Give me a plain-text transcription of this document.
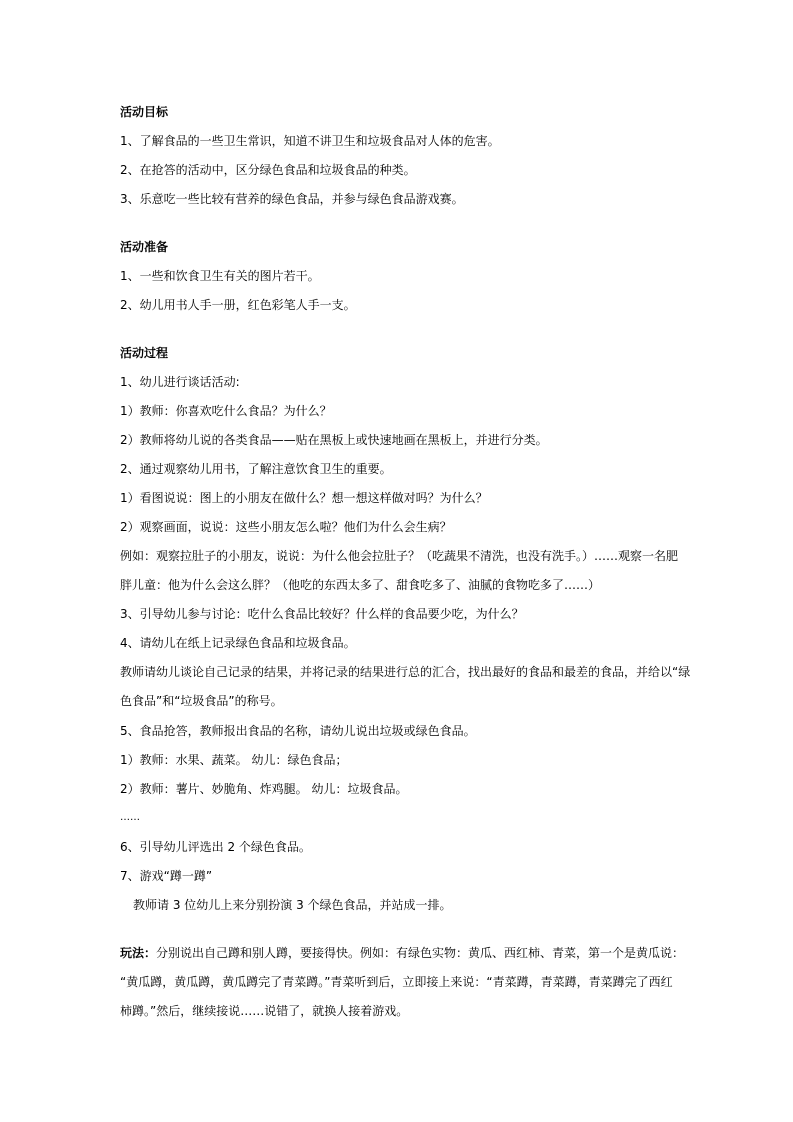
活动目标
1、了解食品的一些卫生常识，知道不讲卫生和垃圾食品对人体的危害。
2、在抢答的活动中，区分绿色食品和垃圾食品的种类。
3、乐意吃一些比较有营养的绿色食品，并参与绿色食品游戏赛。
活动准备
1、一些和饮食卫生有关的图片若干。
2、幼儿用书人手一册，红色彩笔人手一支。
活动过程
1、幼儿进行谈话活动:
1）教师：你喜欢吃什么食品？为什么？
2）教师将幼儿说的各类食品——贴在黑板上或快速地画在黑板上，并进行分类。
2、通过观察幼儿用书，了解注意饮食卫生的重要。
1）看图说说：图上的小朋友在做什么？想一想这样做对吗？为什么？
2）观察画面，说说：这些小朋友怎么啦？他们为什么会生病？
例如：观察拉肚子的小朋友，说说：为什么他会拉肚子？（吃蔬果不清洗，也没有洗手。）……观察一名肥
胖儿童：他为什么会这么胖？（他吃的东西太多了、甜食吃多了、油腻的食物吃多了……）
3、引导幼儿参与讨论：吃什么食品比较好？什么样的食品要少吃，为什么？
4、请幼儿在纸上记录绿色食品和垃圾食品。
教师请幼儿谈论自己记录的结果，并将记录的结果进行总的汇合，找出最好的食品和最差的食品，并给以“绿
色食品”和“垃圾食品”的称号。
5、食品抢答，教师报出食品的名称，请幼儿说出垃圾或绿色食品。
1）教师：水果、蔬菜。 幼儿：绿色食品；
2）教师：薯片、妙脆角、炸鸡腿。 幼儿：垃圾食品。
……
6、引导幼儿评选出 2 个绿色食品。
7、游戏“蹲一蹲”
教师请 3 位幼儿上来分别扮演 3 个绿色食品，并站成一排。
玩法：分别说出自己蹲和别人蹲，要接得快。例如：有绿色实物：黄瓜、西红柿、青菜，第一个是黄瓜说：
“黄瓜蹲，黄瓜蹲，黄瓜蹲完了青菜蹲。”青菜听到后，立即接上来说：“青菜蹲，青菜蹲，青菜蹲完了西红
柿蹲。”然后，继续接说……说错了，就换人接着游戏。
